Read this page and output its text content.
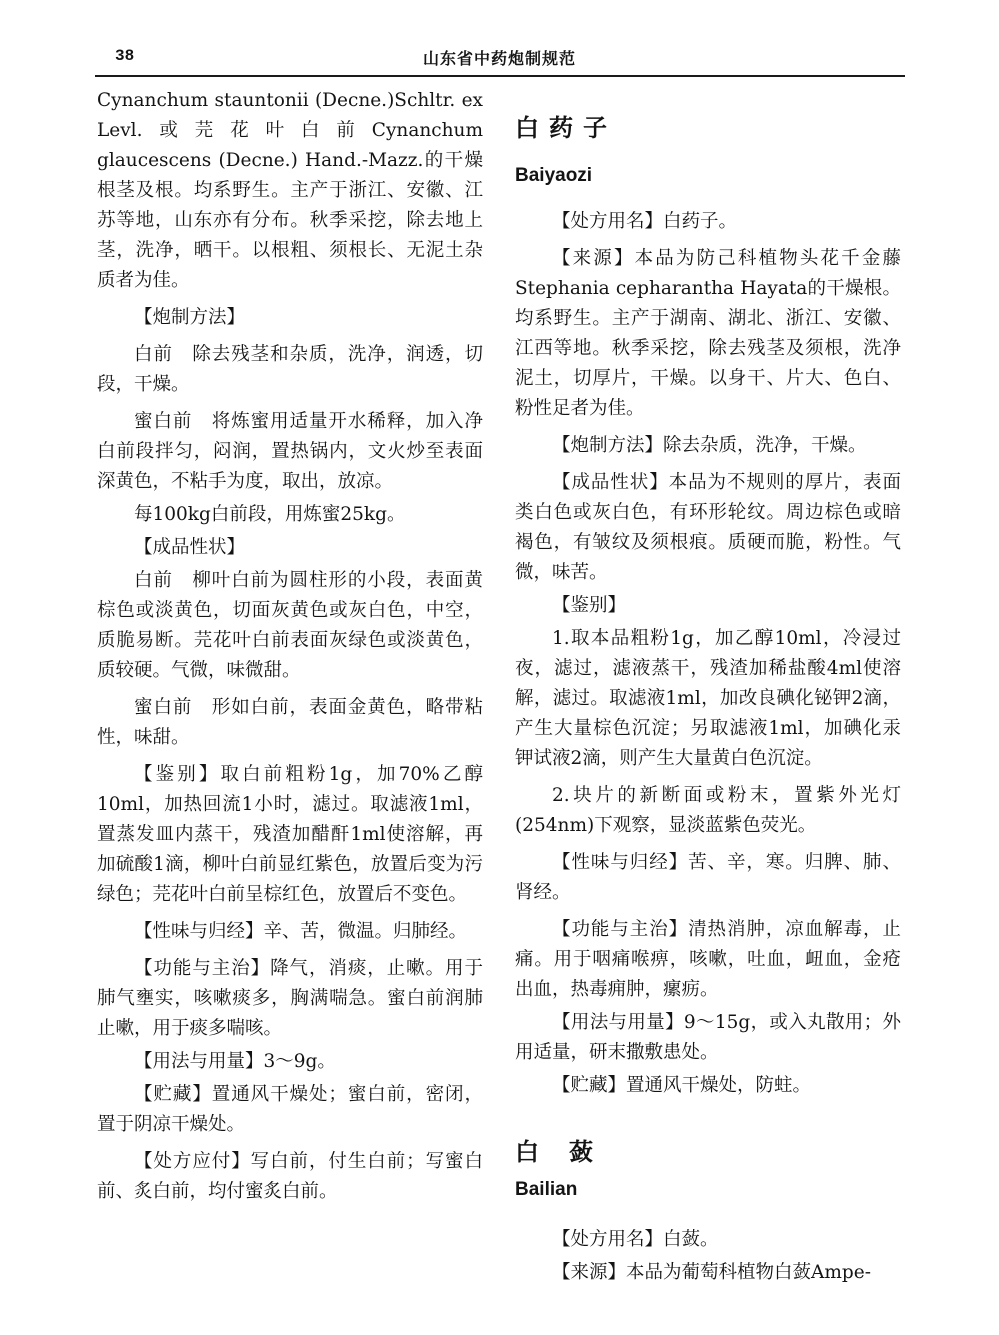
38	山东省中药炮制规范

Cynanchum stauntonii (Decne.)Schltr. ex Levl.或芫花叶白前Cynanchum glaucescens (Decne.) Hand.-Mazz.的干燥根茎及根。均系野生。主产于浙江、安徽、江苏等地，山东亦有分布。秋季采挖，除去地上茎，洗净，晒干。以根粗、须根长、无泥土杂质者为佳。

【炮制方法】

白前　除去残茎和杂质，洗净，润透，切段，干燥。

蜜白前　将炼蜜用适量开水稀释，加入净白前段拌匀，闷润，置热锅内，文火炒至表面深黄色，不粘手为度，取出，放凉。

每100kg白前段，用炼蜜25kg。

【成品性状】

白前　柳叶白前为圆柱形的小段，表面黄棕色或淡黄色，切面灰黄色或灰白色，中空，质脆易断。芫花叶白前表面灰绿色或淡黄色，质较硬。气微，味微甜。

蜜白前　形如白前，表面金黄色，略带粘性，味甜。

【鉴别】取白前粗粉1g，加70%乙醇10ml，加热回流1小时，滤过。取滤液1ml，置蒸发皿内蒸干，残渣加醋酐1ml使溶解，再加硫酸1滴，柳叶白前显红紫色，放置后变为污绿色；芫花叶白前呈棕红色，放置后不变色。

【性味与归经】辛、苦，微温。归肺经。

【功能与主治】降气，消痰，止嗽。用于肺气壅实，咳嗽痰多，胸满喘急。蜜白前润肺止嗽，用于痰多喘咳。

【用法与用量】3～9g。

【贮藏】置通风干燥处；蜜白前，密闭，置于阴凉干燥处。

【处方应付】写白前，付生白前；写蜜白前、炙白前，均付蜜炙白前。

白药子

Baiyaozi

【处方用名】白药子。

【来源】本品为防己科植物头花千金藤Stephania cepharantha Hayata的干燥根。均系野生。主产于湖南、湖北、浙江、安徽、江西等地。秋季采挖，除去残茎及须根，洗净泥土，切厚片，干燥。以身干、片大、色白、粉性足者为佳。

【炮制方法】除去杂质，洗净，干燥。

【成品性状】本品为不规则的厚片，表面类白色或灰白色，有环形轮纹。周边棕色或暗褐色，有皱纹及须根痕。质硬而脆，粉性。气微，味苦。

【鉴别】

1.取本品粗粉1g，加乙醇10ml，冷浸过夜，滤过，滤液蒸干，残渣加稀盐酸4ml使溶解，滤过。取滤液1ml，加改良碘化铋钾2滴，产生大量棕色沉淀；另取滤液1ml，加碘化汞钾试液2滴，则产生大量黄白色沉淀。

2.块片的新断面或粉末，置紫外光灯(254nm)下观察，显淡蓝紫色荧光。

【性味与归经】苦、辛，寒。归脾、肺、肾经。

【功能与主治】清热消肿，凉血解毒，止痛。用于咽痛喉痹，咳嗽，吐血，衄血，金疮出血，热毒痈肿，瘰疬。

【用法与用量】9～15g，或入丸散用；外用适量，研末撒敷患处。

【贮藏】置通风干燥处，防蛀。

白蔹

Bailian

【处方用名】白蔹。

【来源】本品为葡萄科植物白蔹Ampe-
